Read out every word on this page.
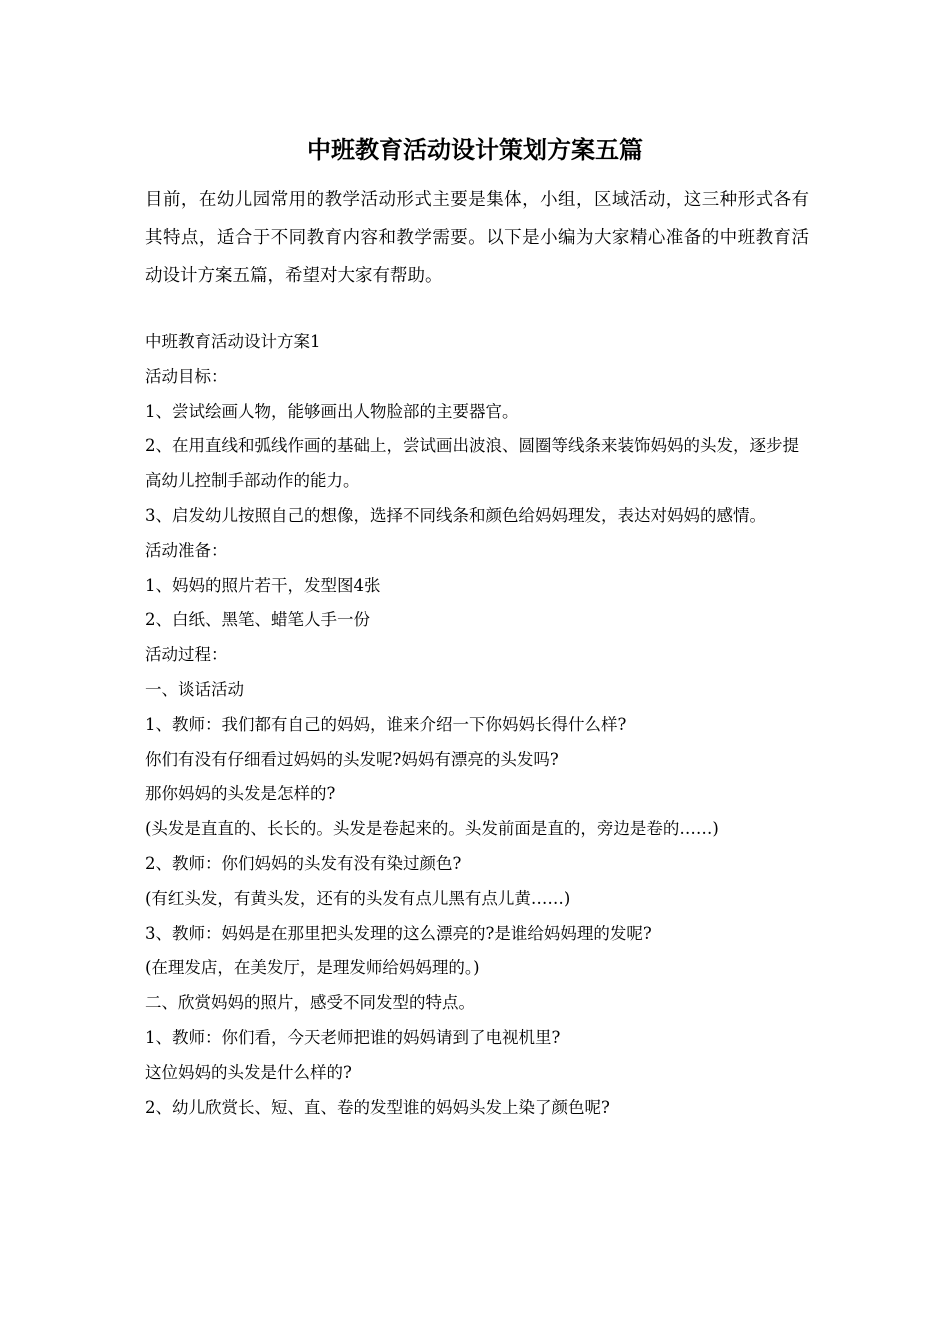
中班教育活动设计策划方案五篇

目前，在幼儿园常用的教学活动形式主要是集体，小组，区域活动，这三种形式各有其特点，适合于不同教育内容和教学需要。以下是小编为大家精心准备的中班教育活动设计方案五篇，希望对大家有帮助。

中班教育活动设计方案1

活动目标：

1、尝试绘画人物，能够画出人物脸部的主要器官。

2、在用直线和弧线作画的基础上，尝试画出波浪、圆圈等线条来装饰妈妈的头发，逐步提高幼儿控制手部动作的能力。

3、启发幼儿按照自己的想像，选择不同线条和颜色给妈妈理发，表达对妈妈的感情。

活动准备：

1、妈妈的照片若干，发型图4张

2、白纸、黑笔、蜡笔人手一份

活动过程：

一、谈话活动

1、教师：我们都有自己的妈妈，谁来介绍一下你妈妈长得什么样?

你们有没有仔细看过妈妈的头发呢?妈妈有漂亮的头发吗?

那你妈妈的头发是怎样的?

(头发是直直的、长长的。头发是卷起来的。头发前面是直的，旁边是卷的……)

2、教师：你们妈妈的头发有没有染过颜色?

(有红头发，有黄头发，还有的头发有点儿黑有点儿黄……)

3、教师：妈妈是在那里把头发理的这么漂亮的?是谁给妈妈理的发呢?

(在理发店，在美发厅，是理发师给妈妈理的。)

二、欣赏妈妈的照片，感受不同发型的特点。

1、教师：你们看，今天老师把谁的妈妈请到了电视机里?

这位妈妈的头发是什么样的?

2、幼儿欣赏长、短、直、卷的发型谁的妈妈头发上染了颜色呢?
